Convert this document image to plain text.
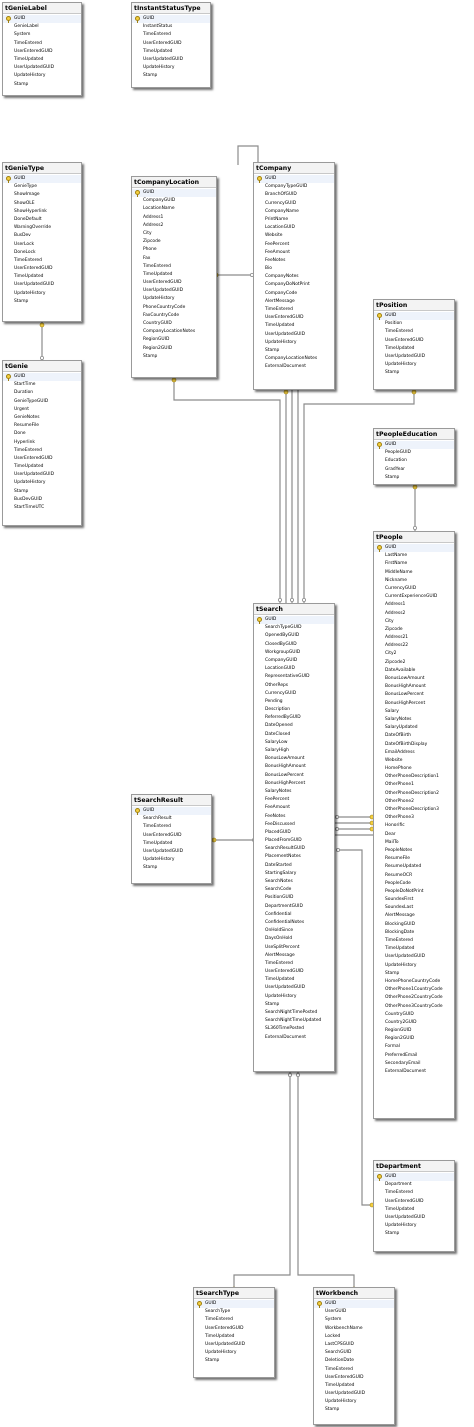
tGenieLabel
GUID
GenieLabel
System
TimeEntered
UserEnteredGUID
TimeUpdated
UserUpdatedGUID
UpdateHistory
Stamp
tInstantStatusType
GUID
InstantStatus
TimeEntered
UserEnteredGUID
TimeUpdated
UserUpdatedGUID
UpdateHistory
Stamp
tGenieType
GUID
GenieType
ShowImage
ShowOLE
ShowHyperlink
DoneDefault
WarningOverride
BusDev
UserLock
DoneLock
TimeEntered
UserEnteredGUID
TimeUpdated
UserUpdatedGUID
UpdateHistory
Stamp
tCompanyLocation
GUID
CompanyGUID
LocationName
Address1
Address2
City
Zipcode
Phone
Fax
TimeEntered
TimeUpdated
UserEnteredGUID
UserUpdatedGUID
UpdateHistory
PhoneCountryCode
FaxCountryCode
CountryGUID
CompanyLocationNotes
RegionGUID
Region2GUID
Stamp
tCompany
GUID
CompanyTypeGUID
BranchOfGUID
CurrencyGUID
CompanyName
PrintName
LocationGUID
Website
FeePercent
FeeAmount
FeeNotes
Bio
CompanyNotes
CompanyDoNotPrint
CompanyCode
AlertMessage
TimeEntered
UserEnteredGUID
TimeUpdated
UserUpdatedGUID
UpdateHistory
Stamp
CompanyLocationNotes
ExternalDocument
tPosition
GUID
Position
TimeEntered
UserEnteredGUID
TimeUpdated
UserUpdatedGUID
UpdateHistory
Stamp
tGenie
GUID
StartTime
Duration
GenieTypeGUID
Urgent
GenieNotes
ResumeFile
Done
Hyperlink
TimeEntered
UserEnteredGUID
TimeUpdated
UserUpdatedGUID
UpdateHistory
Stamp
BusDevGUID
StartTimeUTC
tPeopleEducation
GUID
PeopleGUID
Education
GradYear
Stamp
tPeople
GUID
LastName
FirstName
MiddleName
Nickname
CurrencyGUID
CurrentExperienceGUID
Address1
Address2
City
Zipcode
Address21
Address22
City2
Zipcode2
DateAvailable
BonusLowAmount
BonusHighAmount
BonusLowPercent
BonusHighPercent
Salary
SalaryNotes
SalaryUpdated
DateOfBirth
DateOfBirthDisplay
EmailAddress
Website
HomePhone
OtherPhoneDescription1
OtherPhone1
OtherPhoneDescription2
OtherPhone2
OtherPhoneDescription3
OtherPhone3
Honorific
Dear
MailTo
PeopleNotes
ResumeFile
ResumeUpdated
ResumeOCR
PeopleCode
PeopleDoNotPrint
SoundexFirst
SoundexLast
AlertMessage
BlockingGUID
BlockingDate
TimeEntered
TimeUpdated
UserUpdatedGUID
UpdateHistory
Stamp
HomePhoneCountryCode
OtherPhone1CountryCode
OtherPhone2CountryCode
OtherPhone3CountryCode
CountryGUID
Country2GUID
RegionGUID
Region2GUID
Formal
PreferredEmail
SecondaryEmail
ExternalDocument
tSearch
GUID
SearchTypeGUID
OpenedByGUID
ClosedByGUID
WorkgroupGUID
CompanyGUID
LocationGUID
RepresentativeGUID
OtherReps
CurrencyGUID
Pending
Description
ReferredByGUID
DateOpened
DateClosed
SalaryLow
SalaryHigh
BonusLowAmount
BonusHighAmount
BonusLowPercent
BonusHighPercent
SalaryNotes
FeePercent
FeeAmount
FeeNotes
FeeDiscussed
PlacedGUID
PlacedFromGUID
SearchResultGUID
PlacementNotes
DateStarted
StartingSalary
SearchNotes
SearchCode
PositionGUID
DepartmentGUID
Confidential
ConfidentialNotes
OnHoldSince
DaysOnHold
UseSplitPercent
AlertMessage
TimeEntered
UserEnteredGUID
TimeUpdated
UserUpdatedGUID
UpdateHistory
Stamp
SearchNightTimePosted
SearchNightTimeUpdated
SL360TimePosted
ExternalDocument
tSearchResult
GUID
SearchResult
TimeEntered
UserEnteredGUID
TimeUpdated
UserUpdatedGUID
UpdateHistory
Stamp
tDepartment
GUID
Department
TimeEntered
UserEnteredGUID
TimeUpdated
UserUpdatedGUID
UpdateHistory
Stamp
tSearchType
GUID
SearchType
TimeEntered
UserEnteredGUID
TimeUpdated
UserUpdatedGUID
UpdateHistory
Stamp
tWorkbench
GUID
UserGUID
System
WorkbenchName
Locked
LastCPSGUID
SearchGUID
DeletionDate
TimeEntered
UserEnteredGUID
TimeUpdated
UserUpdatedGUID
UpdateHistory
Stamp
